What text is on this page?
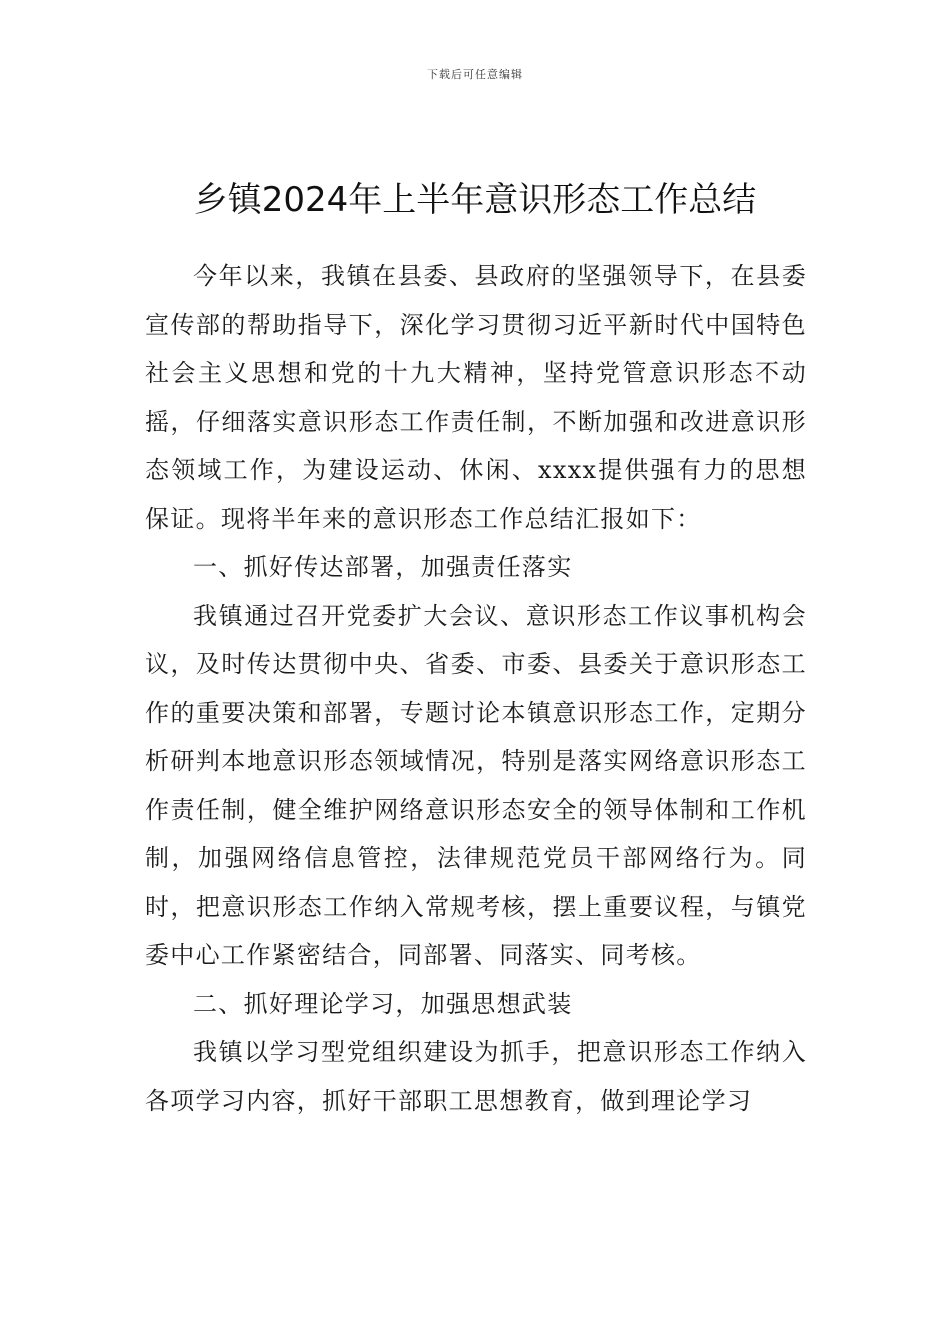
下载后可任意编辑
乡镇2024年上半年意识形态工作总结

今年以来，我镇在县委、县政府的坚强领导下，在县委宣传部的帮助指导下，深化学习贯彻习近平新时代中国特色社会主义思想和党的十九大精神，坚持党管意识形态不动摇，仔细落实意识形态工作责任制，不断加强和改进意识形态领域工作，为建设运动、休闲、xxxx提供强有力的思想保证。现将半年来的意识形态工作总结汇报如下：

一、抓好传达部署，加强责任落实

我镇通过召开党委扩大会议、意识形态工作议事机构会议，及时传达贯彻中央、省委、市委、县委关于意识形态工作的重要决策和部署，专题讨论本镇意识形态工作，定期分析研判本地意识形态领域情况，特别是落实网络意识形态工作责任制，健全维护网络意识形态安全的领导体制和工作机制，加强网络信息管控，法律规范党员干部网络行为。同时，把意识形态工作纳入常规考核，摆上重要议程，与镇党委中心工作紧密结合，同部署、同落实、同考核。

二、抓好理论学习，加强思想武装

我镇以学习型党组织建设为抓手，把意识形态工作纳入各项学习内容，抓好干部职工思想教育，做到理论学习
